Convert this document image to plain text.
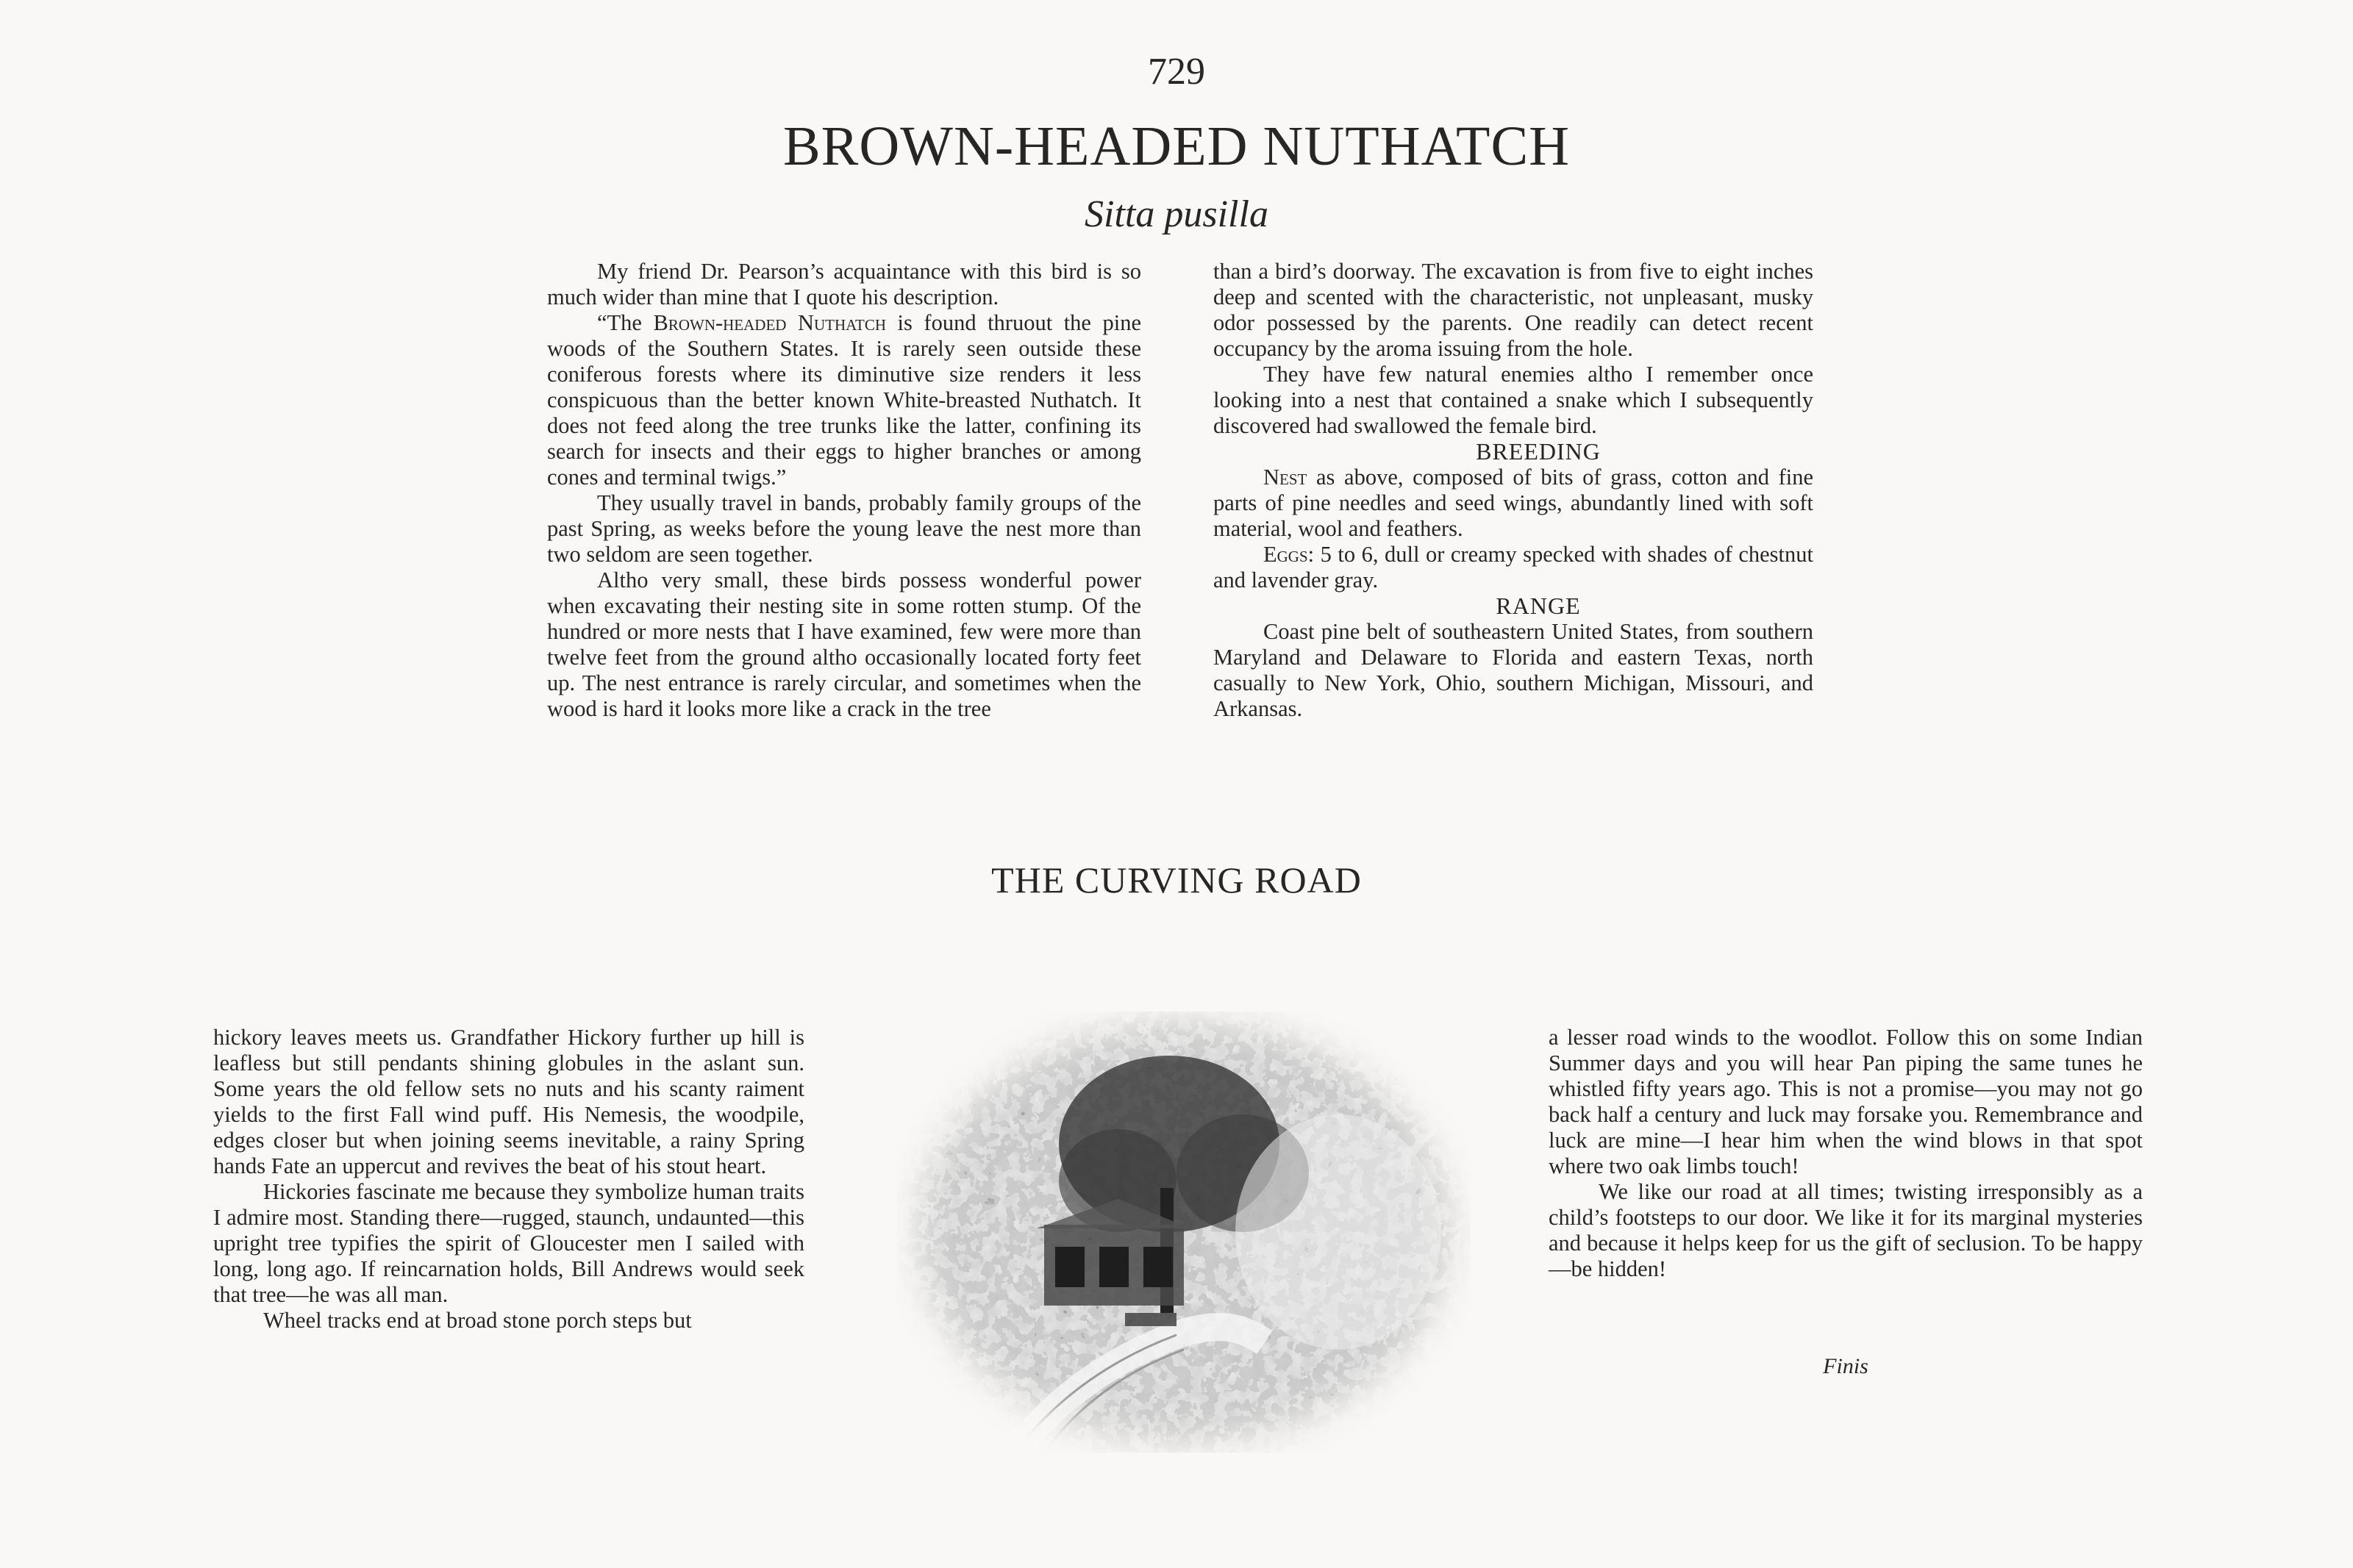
729
BROWN-HEADED NUTHATCH
Sitta pusilla

My friend Dr. Pearson’s acquaintance with this bird is so much wider than mine that I quote his description.

“The Brown-headed Nuthatch is found thruout the pine woods of the Southern States. It is rarely seen outside these coniferous forests where its diminutive size renders it less conspicuous than the better known White-breasted Nuthatch. It does not feed along the tree trunks like the latter, confining its search for insects and their eggs to higher branches or among cones and terminal twigs.”

They usually travel in bands, probably family groups of the past Spring, as weeks before the young leave the nest more than two seldom are seen together.

Altho very small, these birds possess wonderful power when excavating their nesting site in some rotten stump. Of the hundred or more nests that I have examined, few were more than twelve feet from the ground altho occasionally located forty feet up. The nest entrance is rarely circular, and sometimes when the wood is hard it looks more like a crack in the tree

than a bird’s doorway. The excavation is from five to eight inches deep and scented with the characteristic, not unpleasant, musky odor possessed by the parents. One readily can detect recent occupancy by the aroma issuing from the hole.

They have few natural enemies altho I remember once looking into a nest that contained a snake which I subsequently discovered had swallowed the female bird.

BREEDING

Nest as above, composed of bits of grass, cotton and fine parts of pine needles and seed wings, abundantly lined with soft material, wool and feathers.

Eggs: 5 to 6, dull or creamy specked with shades of chestnut and lavender gray.

RANGE

Coast pine belt of southeastern United States, from southern Maryland and Delaware to Florida and eastern Texas, north casually to New York, Ohio, southern Michigan, Missouri, and Arkansas.

THE CURVING ROAD

hickory leaves meets us. Grandfather Hickory further up hill is leafless but still pendants shining globules in the aslant sun. Some years the old fellow sets no nuts and his scanty raiment yields to the first Fall wind puff. His Nemesis, the woodpile, edges closer but when joining seems inevitable, a rainy Spring hands Fate an uppercut and revives the beat of his stout heart.

Hickories fascinate me because they symbolize human traits I admire most. Standing there—rugged, staunch, undaunted—this upright tree typifies the spirit of Gloucester men I sailed with long, long ago. If reincarnation holds, Bill Andrews would seek that tree—he was all man.

Wheel tracks end at broad stone porch steps but

a lesser road winds to the woodlot. Follow this on some Indian Summer days and you will hear Pan piping the same tunes he whistled fifty years ago. This is not a promise—you may not go back half a century and luck may forsake you. Remembrance and luck are mine—I hear him when the wind blows in that spot where two oak limbs touch!

We like our road at all times; twisting irresponsibly as a child’s footsteps to our door. We like it for its marginal mysteries and because it helps keep for us the gift of seclusion. To be happy—be hidden!

Finis
